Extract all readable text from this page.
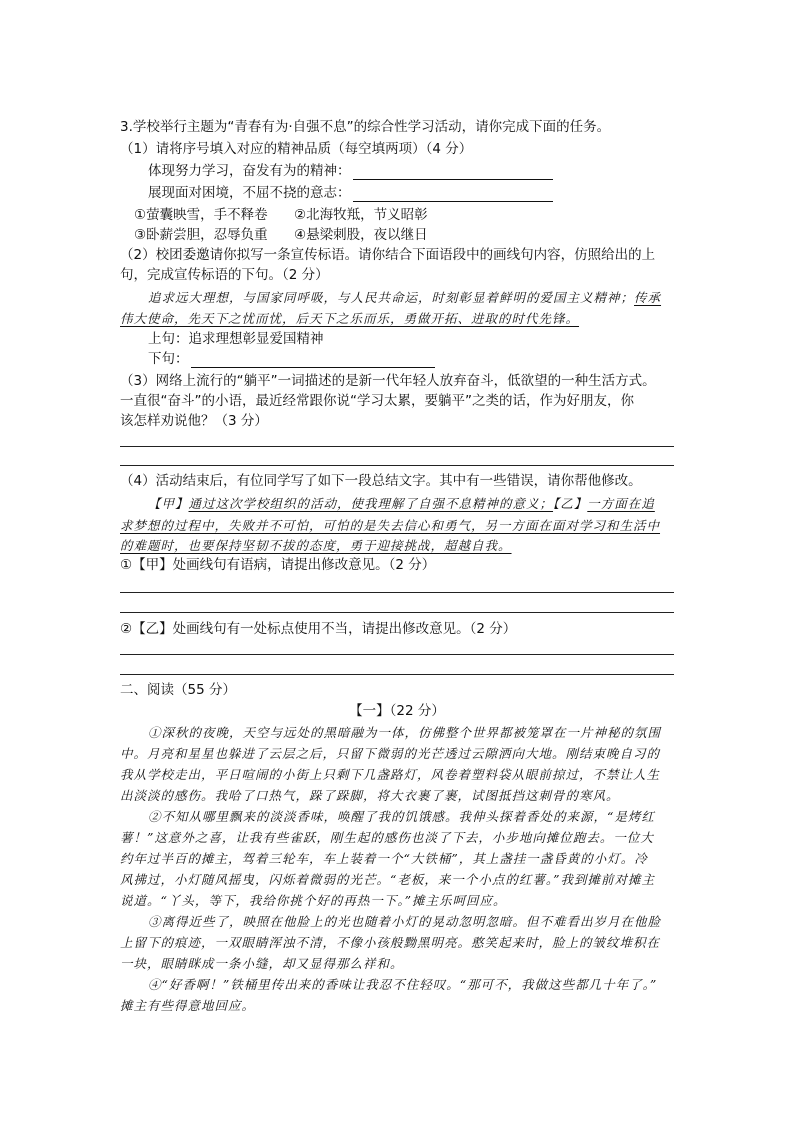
3.学校举行主题为“青春有为·自强不息”的综合性学习活动，请你完成下面的任务。
（1）请将序号填入对应的精神品质（每空填两项）（4 分）
体现努力学习，奋发有为的精神：
展现面对困境，不屈不挠的意志：
①萤囊映雪，手不释卷 ②北海牧羝，节义昭彰
③卧薪尝胆，忍辱负重 ④悬梁刺股，夜以继日
（2）校团委邀请你拟写一条宣传标语。请你结合下面语段中的画线句内容，仿照给出的上
句，完成宣传标语的下句。（2 分）
追求远大理想，与国家同呼吸，与人民共命运，时刻彰显着鲜明的爱国主义精神；传承
伟大使命，先天下之忧而忧，后天下之乐而乐，勇做开拓、进取的时代先锋。
上句：追求理想彰显爱国精神
下句：
（3）网络上流行的“躺平”一词描述的是新一代年轻人放弃奋斗，低欲望的一种生活方式。
一直很“奋斗”的小语，最近经常跟你说“学习太累，要躺平”之类的话，作为好朋友，你
该怎样劝说他？（3 分）
（4）活动结束后，有位同学写了如下一段总结文字。其中有一些错误，请你帮他修改。
【甲】通过这次学校组织的活动，使我理解了自强不息精神的意义；【乙】一方面在追
求梦想的过程中，失败并不可怕，可怕的是失去信心和勇气，另一方面在面对学习和生活中
的难题时，也要保持坚韧不拔的态度，勇于迎接挑战，超越自我。
①【甲】处画线句有语病，请提出修改意见。（2 分）
②【乙】处画线句有一处标点使用不当，请提出修改意见。（2 分）
二、阅读（55 分）
【一】（22 分）
①深秋的夜晚，天空与远处的黑暗融为一体，仿佛整个世界都被笼罩在一片神秘的氛围
中。月亮和星星也躲进了云层之后，只留下微弱的光芒透过云隙洒向大地。刚结束晚自习的
我从学校走出，平日喧闹的小街上只剩下几盏路灯，风卷着塑料袋从眼前掠过，不禁让人生
出淡淡的感伤。我哈了口热气，跺了跺脚，将大衣裹了裹，试图抵挡这刺骨的寒风。
②不知从哪里飘来的淡淡香味，唤醒了我的饥饿感。我伸头探着香处的来源，“是烤红
薯！”这意外之喜，让我有些雀跃，刚生起的感伤也淡了下去，小步地向摊位跑去。一位大
约年过半百的摊主，驾着三轮车，车上装着一个“大铁桶”，其上盏挂一盏昏黄的小灯。冷
风拂过，小灯随风摇曳，闪烁着微弱的光芒。“老板，来一个小点的红薯。”我到摊前对摊主
说道。“丫头，等下，我给你挑个好的再热一下。”摊主乐呵回应。
③离得近些了，映照在他脸上的光也随着小灯的晃动忽明忽暗。但不难看出岁月在他脸
上留下的痕迹，一双眼睛浑浊不清，不像小孩般黝黑明亮。憨笑起来时，脸上的皱纹堆积在
一块，眼睛眯成一条小缝，却又显得那么祥和。
④“好香啊！”铁桶里传出来的香味让我忍不住轻叹。“那可不，我做这些都几十年了。”
摊主有些得意地回应。
